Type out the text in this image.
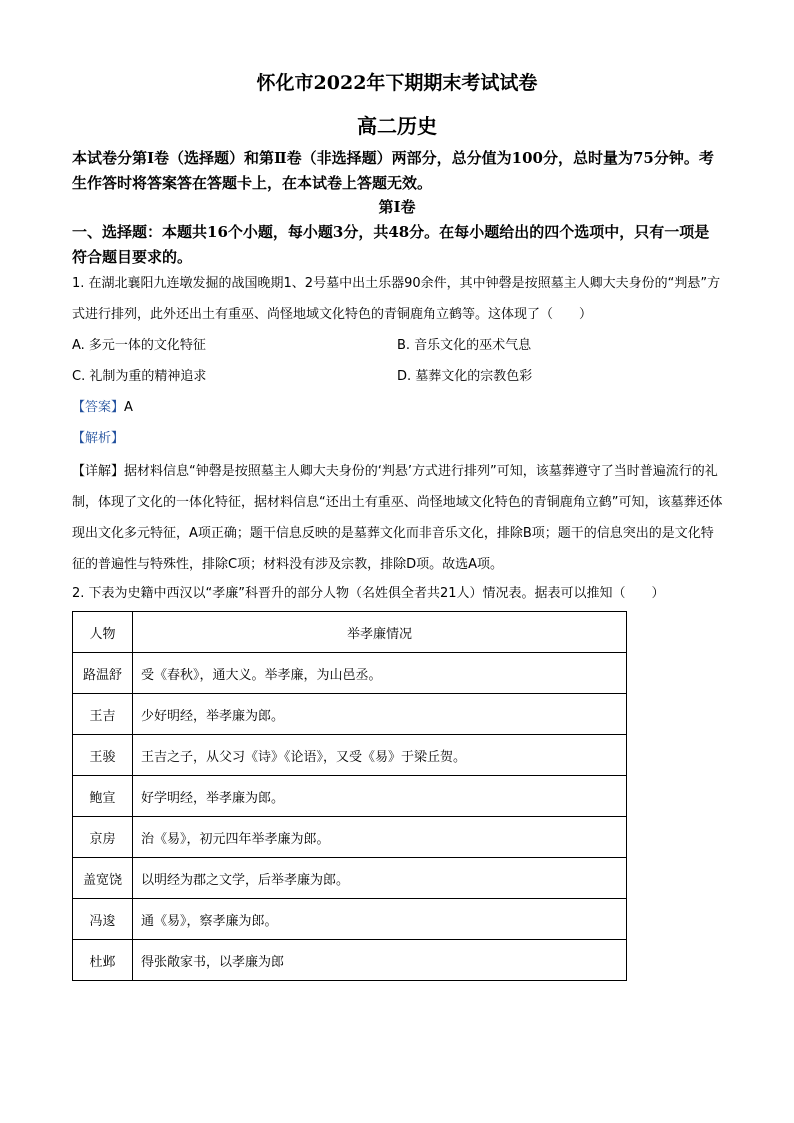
怀化市2022年下期期末考试试卷
高二历史

本试卷分第Ⅰ卷（选择题）和第Ⅱ卷（非选择题）两部分，总分值为100分，总时量为75分钟。考生作答时将答案答在答题卡上，在本试卷上答题无效。

第Ⅰ卷

一、选择题：本题共16个小题，每小题3分，共48分。在每小题给出的四个选项中，只有一项是符合题目要求的。

1. 在湖北襄阳九连墩发掘的战国晚期1、2号墓中出土乐器90余件，其中钟磬是按照墓主人卿大夫身份的“判悬”方式进行排列，此外还出土有重巫、尚怪地域文化特色的青铜鹿角立鹤等。这体现了（　　）

A. 多元一体的文化特征	B. 音乐文化的巫术气息

C. 礼制为重的精神追求	D. 墓葬文化的宗教色彩

【答案】A

【解析】

【详解】据材料信息“钟磬是按照墓主人卿大夫身份的‘判悬’方式进行排列”可知，该墓葬遵守了当时普遍流行的礼制，体现了文化的一体化特征，据材料信息“还出土有重巫、尚怪地域文化特色的青铜鹿角立鹤”可知，该墓葬还体现出文化多元特征，A项正确；题干信息反映的是墓葬文化而非音乐文化，排除B项；题干的信息突出的是文化特征的普遍性与特殊性，排除C项；材料没有涉及宗教，排除D项。故选A项。

2. 下表为史籍中西汉以“孝廉”科晋升的部分人物（名姓俱全者共21人）情况表。据表可以推知（　　）

人物	举孝廉情况
路温舒	受《春秋》，通大义。举孝廉，为山邑丞。
王吉	少好明经，举孝廉为郎。
王骏	王吉之子，从父习《诗》《论语》，又受《易》于梁丘贺。
鲍宣	好学明经，举孝廉为郎。
京房	治《易》，初元四年举孝廉为郎。
盖宽饶	以明经为郡之文学，后举孝廉为郎。
冯逡	通《易》，察孝廉为郎。
杜邺	得张敞家书，以孝廉为郎
